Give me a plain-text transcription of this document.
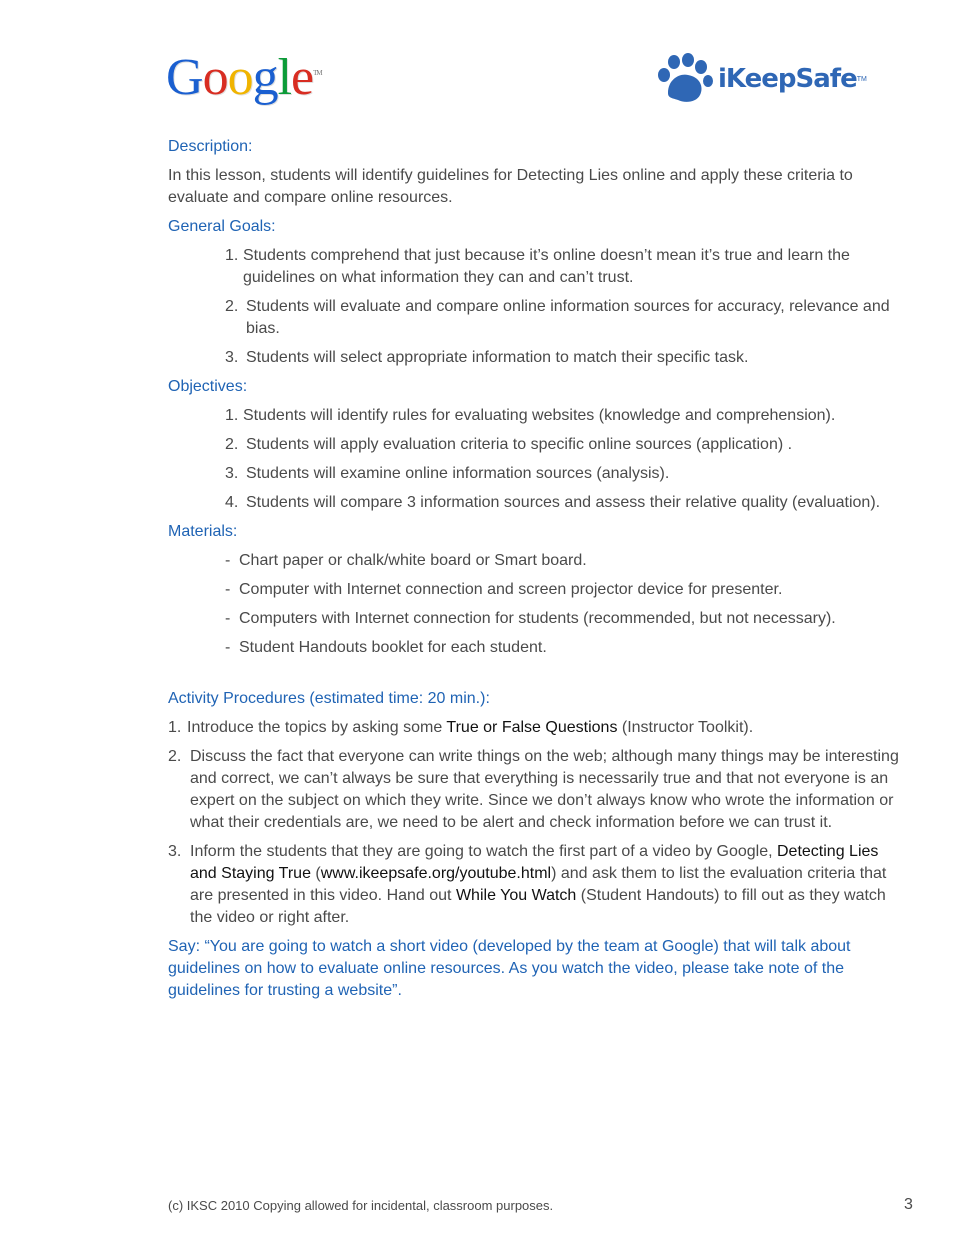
Google™	iKeepSafe TM
Description:

In this lesson, students will identify guidelines for Detecting Lies online and apply these criteria to evaluate and compare online resources.

General Goals:
1. Students comprehend that just because it’s online doesn’t mean it’s true and learn the guidelines on what information they can and can’t trust.
2. Students will evaluate and compare online information sources for accuracy, relevance and bias.
3. Students will select appropriate information to match their specific task.
Objectives:
1. Students will identify rules for evaluating websites (knowledge and comprehension).
2. Students will apply evaluation criteria to specific online sources (application) .
3. Students will examine online information sources (analysis).
4. Students will compare 3 information sources and assess their relative quality (evaluation).
Materials:
- Chart paper or chalk/white board or Smart board.
- Computer with Internet connection and screen projector device for presenter.
- Computers with Internet connection for students (recommended, but not necessary).
- Student Handouts booklet for each student.
Activity Procedures (estimated time: 20 min.):
1. Introduce the topics by asking some True or False Questions (Instructor Toolkit).
2. Discuss the fact that everyone can write things on the web; although many things may be interesting and correct, we can’t always be sure that everything is necessarily true and that not everyone is an expert on the subject on which they write. Since we don’t always know who wrote the information or what their credentials are, we need to be alert and check information before we can trust it.
3. Inform the students that they are going to watch the first part of a video by Google, Detecting Lies and Staying True (www.ikeepsafe.org/youtube.html) and ask them to list the evaluation criteria that are presented in this video. Hand out While You Watch (Student Handouts) to fill out as they watch the video or right after.

Say: “You are going to watch a short video (developed by the team at Google) that will talk about guidelines on how to evaluate online resources. As you watch the video, please take note of the guidelines for trusting a website”.

(c) IKSC 2010 Copying allowed for incidental, classroom purposes.	3
